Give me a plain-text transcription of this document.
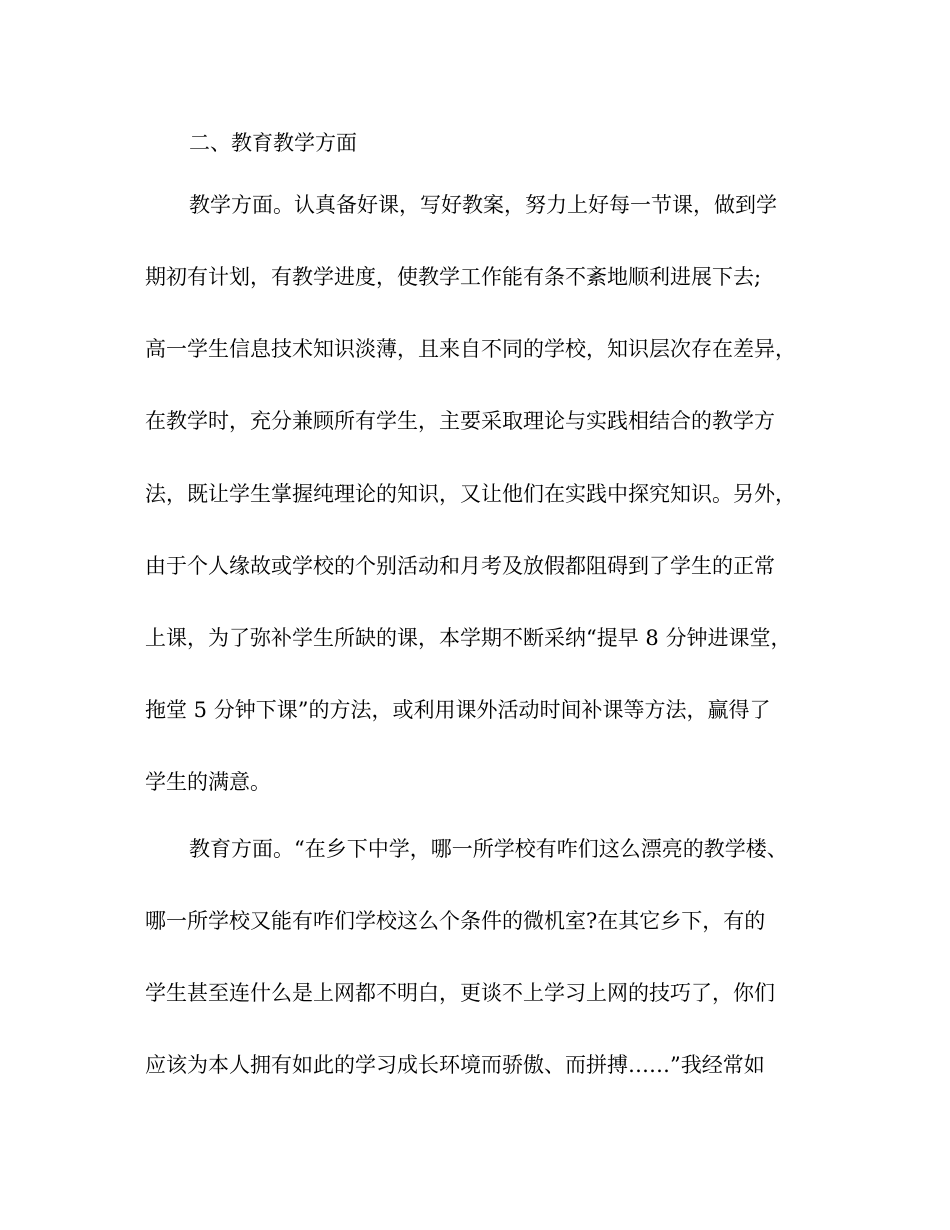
二、教育教学方面
教学方面。认真备好课，写好教案，努力上好每一节课，做到学
期初有计划，有教学进度，使教学工作能有条不紊地顺利进展下去;
高一学生信息技术知识淡薄，且来自不同的学校，知识层次存在差异，
在教学时，充分兼顾所有学生，主要采取理论与实践相结合的教学方
法，既让学生掌握纯理论的知识，又让他们在实践中探究知识。另外，
由于个人缘故或学校的个别活动和月考及放假都阻碍到了学生的正常
上课，为了弥补学生所缺的课，本学期不断采纳“提早 8 分钟进课堂，
拖堂 5 分钟下课”的方法，或利用课外活动时间补课等方法，赢得了
学生的满意。
教育方面。“在乡下中学，哪一所学校有咋们这么漂亮的教学楼、
哪一所学校又能有咋们学校这么个条件的微机室?在其它乡下，有的
学生甚至连什么是上网都不明白，更谈不上学习上网的技巧了，你们
应该为本人拥有如此的学习成长环境而骄傲、而拼搏……”我经常如
